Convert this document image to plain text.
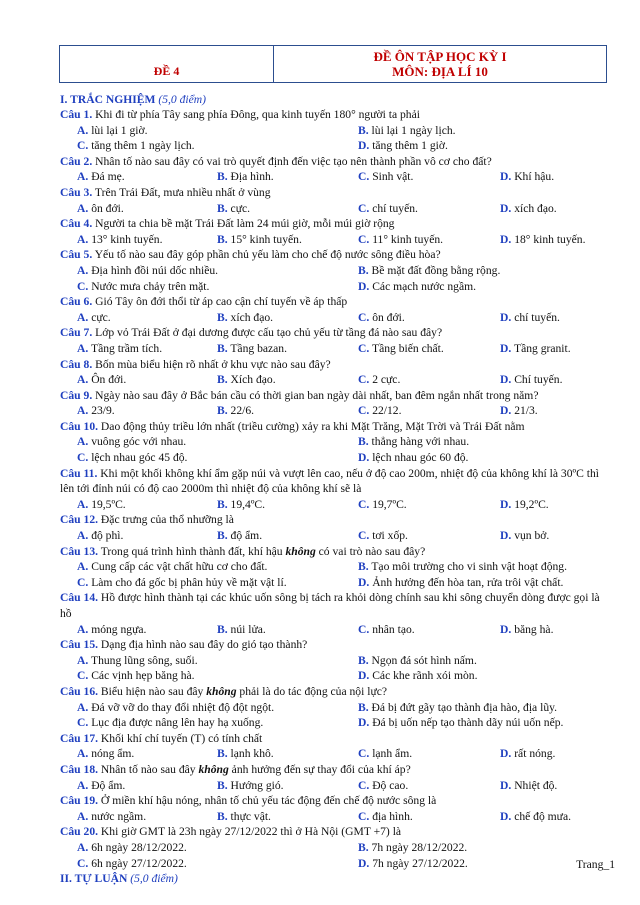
ĐỀ 4
ĐỀ ÔN TẬP HỌC KỲ I
MÔN: ĐỊA LÍ 10
I. TRẮC NGHIỆM (5,0 điểm)
Câu 1. Khi đi từ phía Tây sang phía Đông, qua kinh tuyến 180° người ta phải
A. lùi lại 1 giờ.	B. lùi lại 1 ngày lịch.
C. tăng thêm 1 ngày lịch.	D. tăng thêm 1 giờ.
Câu 2. Nhân tố nào sau đây có vai trò quyết định đến việc tạo nên thành phần vô cơ cho đất?
A. Đá mẹ.	B. Địa hình.	C. Sinh vật.	D. Khí hậu.
Câu 3. Trên Trái Đất, mưa nhiều nhất ở vùng
A. ôn đới.	B. cực.	C. chí tuyến.	D. xích đạo.
Câu 4. Người ta chia bề mặt Trái Đất làm 24 múi giờ, mỗi múi giờ rộng
A. 13° kinh tuyến.	B. 15° kinh tuyến.	C. 11° kinh tuyến.	D. 18° kinh tuyến.
Câu 5. Yếu tố nào sau đây góp phần chủ yếu làm cho chế độ nước sông điều hòa?
A. Địa hình đồi núi dốc nhiều.	B. Bề mặt đất đồng bằng rộng.
C. Nước mưa chảy trên mặt.	D. Các mạch nước ngầm.
Câu 6. Gió Tây ôn đới thổi từ áp cao cận chí tuyến về áp thấp
A. cực.	B. xích đạo.	C. ôn đới.	D. chí tuyến.
Câu 7. Lớp vỏ Trái Đất ở đại dương được cấu tạo chủ yếu từ tầng đá nào sau đây?
A. Tầng trầm tích.	B. Tầng bazan.	C. Tầng biến chất.	D. Tầng granit.
Câu 8. Bốn mùa biểu hiện rõ nhất ở khu vực nào sau đây?
A. Ôn đới.	B. Xích đạo.	C. 2 cực.	D. Chí tuyến.
Câu 9. Ngày nào sau đây ở Bắc bán cầu có thời gian ban ngày dài nhất, ban đêm ngắn nhất trong năm?
A. 23/9.	B. 22/6.	C. 22/12.	D. 21/3.
Câu 10. Dao động thủy triều lớn nhất (triều cường) xảy ra khi Mặt Trăng, Mặt Trời và Trái Đất nằm
A. vuông góc với nhau.	B. thẳng hàng với nhau.
C. lệch nhau góc 45 độ.	D. lệch nhau góc 60 độ.
Câu 11. Khi một khối không khí ẩm gặp núi và vượt lên cao, nếu ở độ cao 200m, nhiệt độ của không khí là 30ºC thì lên tới đỉnh núi có độ cao 2000m thì nhiệt độ của không khí sẽ là
A. 19,5ºC.	B. 19,4ºC.	C. 19,7ºC.	D. 19,2ºC.
Câu 12. Đặc trưng của thổ nhưỡng là
A. độ phì.	B. độ ẩm.	C. tơi xốp.	D. vụn bở.
Câu 13. Trong quá trình hình thành đất, khí hậu không có vai trò nào sau đây?
A. Cung cấp các vật chất hữu cơ cho đất.	B. Tạo môi trường cho vi sinh vật hoạt động.
C. Làm cho đá gốc bị phân hủy về mặt vật lí.	D. Ảnh hưởng đến hòa tan, rửa trôi vật chất.
Câu 14. Hồ được hình thành tại các khúc uốn sông bị tách ra khỏi dòng chính sau khi sông chuyển dòng được gọi là hồ
A. móng ngựa.	B. núi lửa.	C. nhân tạo.	D. băng hà.
Câu 15. Dạng địa hình nào sau đây do gió tạo thành?
A. Thung lũng sông, suối.	B. Ngọn đá sót hình nấm.
C. Các vịnh hẹp băng hà.	D. Các khe rãnh xói mòn.
Câu 16. Biểu hiện nào sau đây không phải là do tác động của nội lực?
A. Đá vỡ vỡ do thay đổi nhiệt độ đột ngột.	B. Đá bị đứt gãy tạo thành địa hào, địa lũy.
C. Lục địa được nâng lên hay hạ xuống.	D. Đá bị uốn nếp tạo thành dãy núi uốn nếp.
Câu 17. Khối khí chí tuyến (T) có tính chất
A. nóng ẩm.	B. lạnh khô.	C. lạnh ẩm.	D. rất nóng.
Câu 18. Nhân tố nào sau đây không ảnh hưởng đến sự thay đổi của khí áp?
A. Độ ẩm.	B. Hướng gió.	C. Độ cao.	D. Nhiệt độ.
Câu 19. Ở miền khí hậu nóng, nhân tố chủ yếu tác động đến chế độ nước sông là
A. nước ngầm.	B. thực vật.	C. địa hình.	D. chế độ mưa.
Câu 20. Khi giờ GMT là 23h ngày 27/12/2022 thì ở Hà Nội (GMT +7) là
A. 6h ngày 28/12/2022.	B. 7h ngày 28/12/2022.
C. 6h ngày 27/12/2022.	D. 7h ngày 27/12/2022.
II. TỰ LUẬN (5,0 điểm)
Trang_1
